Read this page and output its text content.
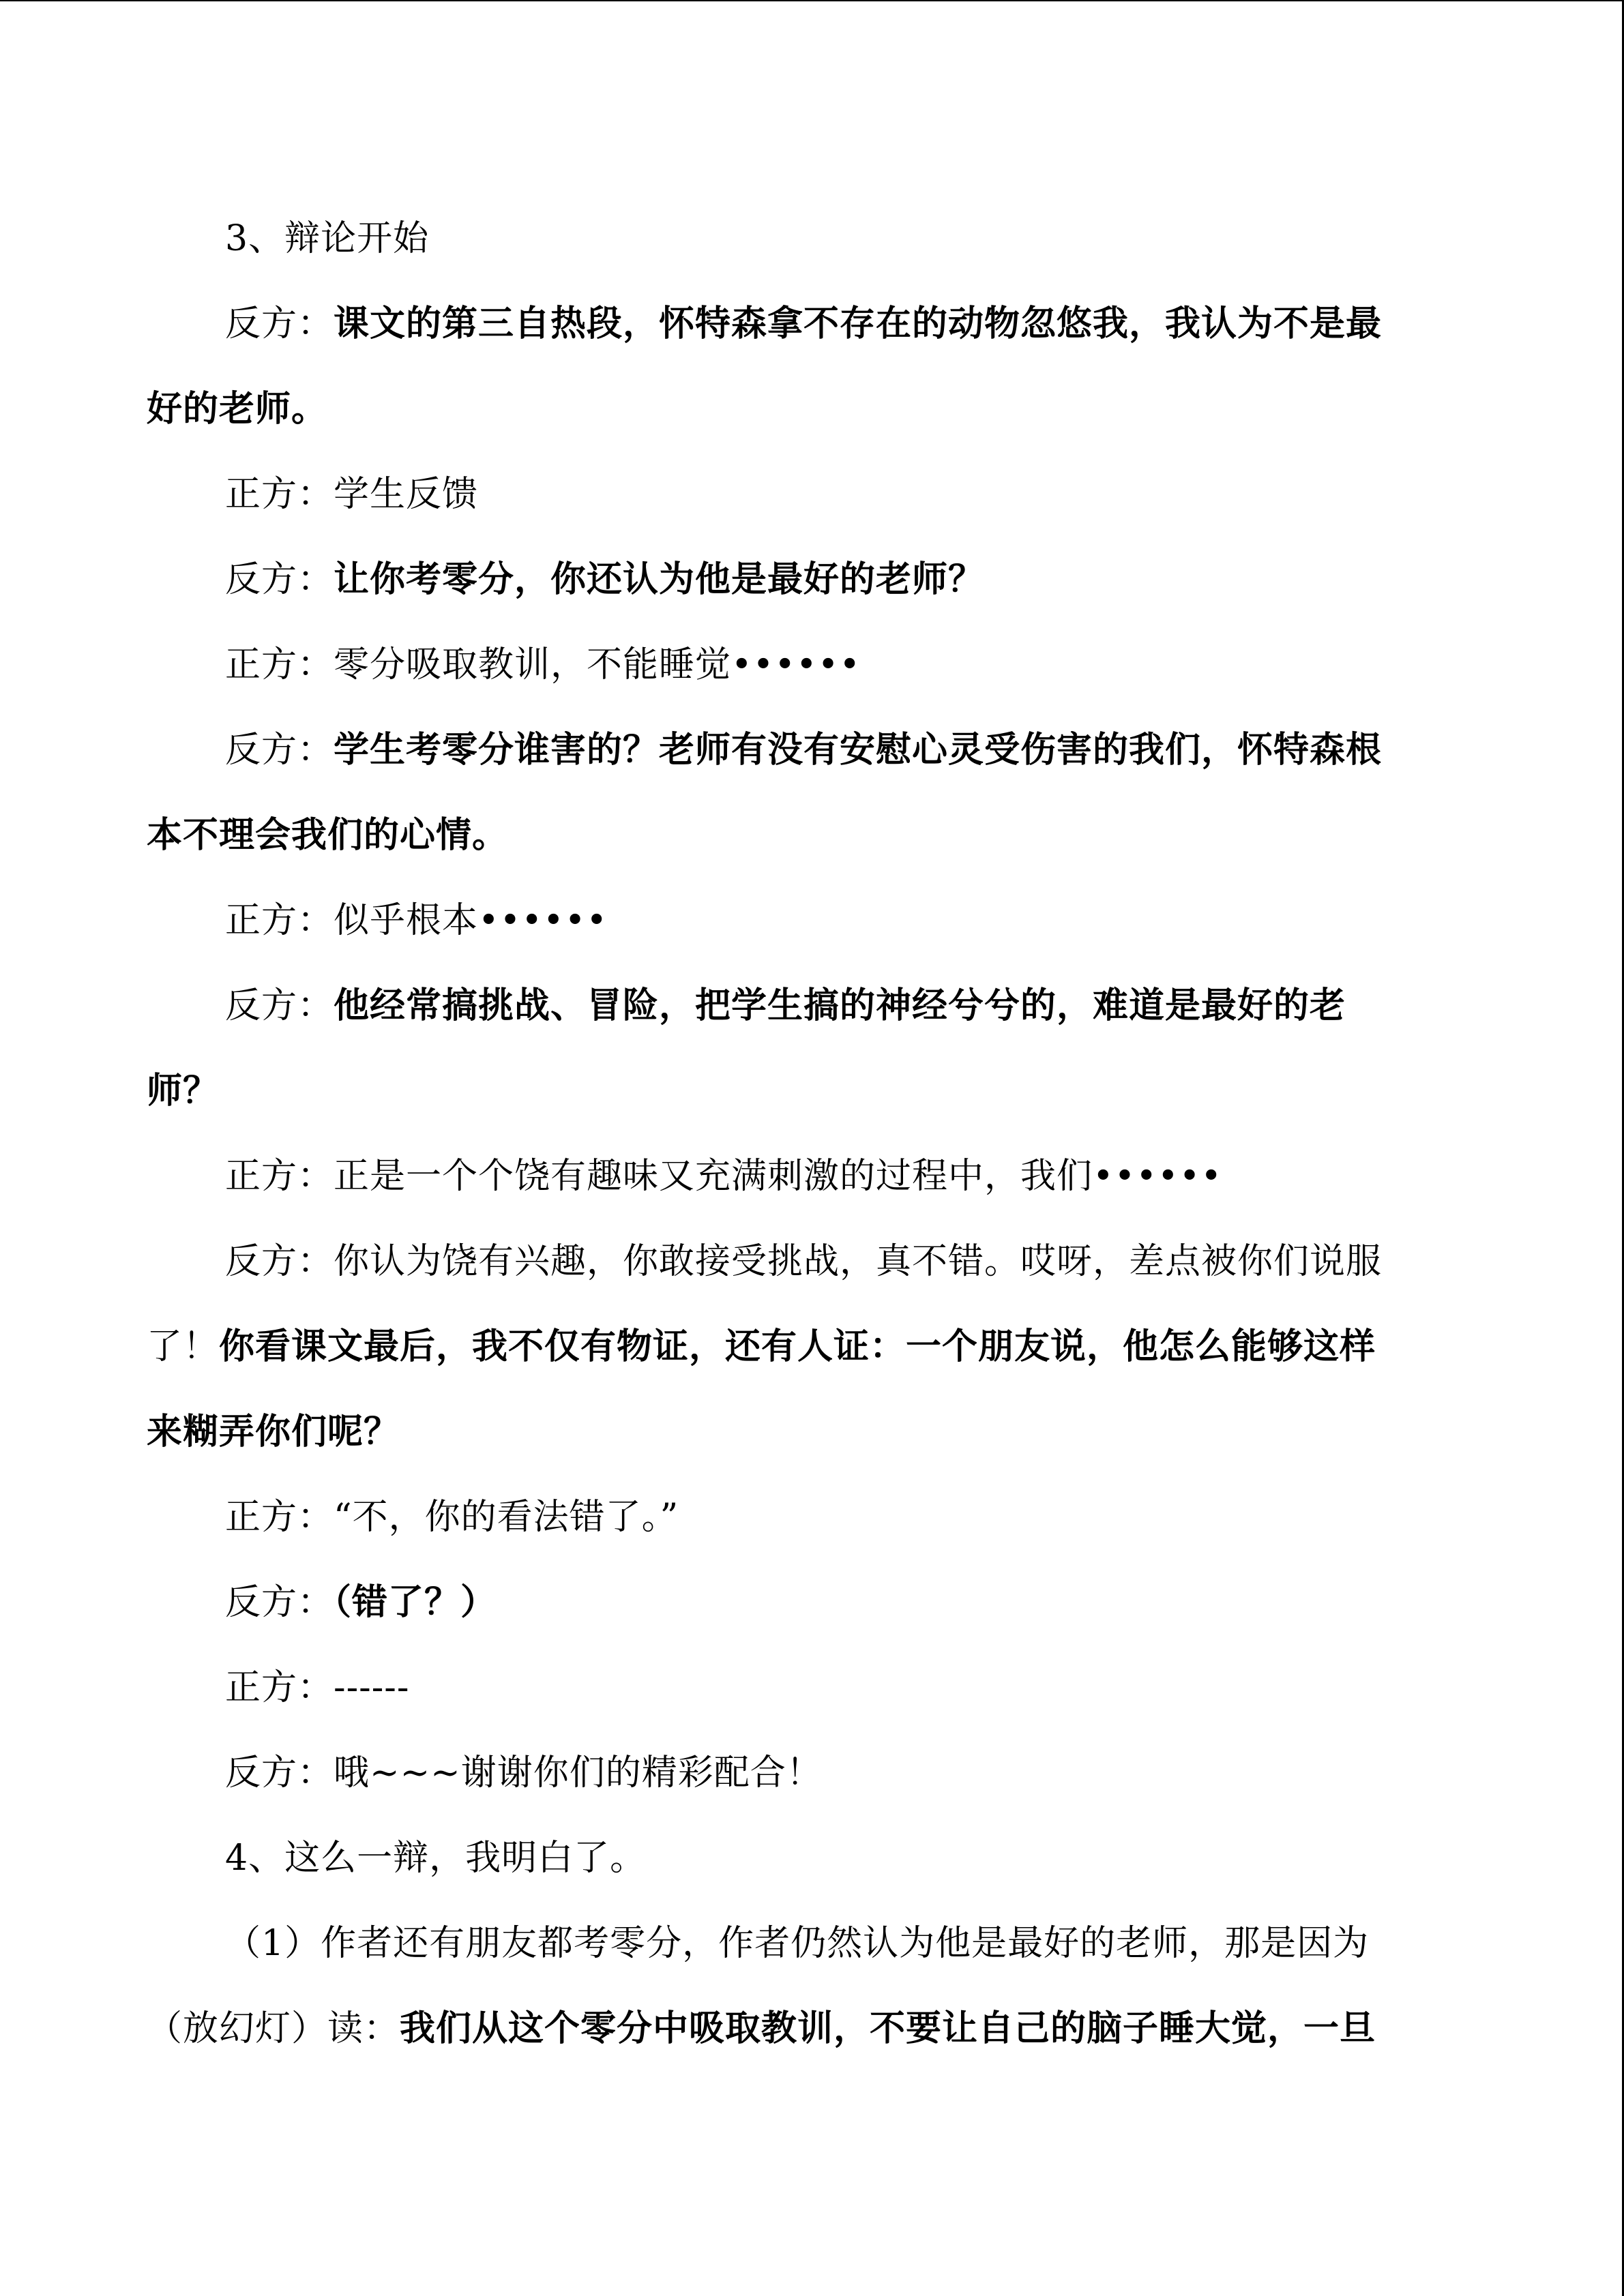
3、辩论开始
反方：课文的第三自热段，怀特森拿不存在的动物忽悠我，我认为不是最
好的老师。
正方：学生反馈
反方：让你考零分，你还认为他是最好的老师？
正方：零分吸取教训，不能睡觉••••••
反方：学生考零分谁害的？老师有没有安慰心灵受伤害的我们，怀特森根
本不理会我们的心情。
正方：似乎根本••••••
反方：他经常搞挑战、冒险，把学生搞的神经兮兮的，难道是最好的老
师？
正方：正是一个个饶有趣味又充满刺激的过程中，我们••••••
反方：你认为饶有兴趣，你敢接受挑战，真不错。哎呀，差点被你们说服
了！你看课文最后，我不仅有物证，还有人证：一个朋友说，他怎么能够这样
来糊弄你们呢？
正方：“不，你的看法错了。”
反方：（错了？）
正方：------
反方：哦~~~谢谢你们的精彩配合！
4、这么一辩，我明白了。
（1）作者还有朋友都考零分，作者仍然认为他是最好的老师，那是因为
（放幻灯）读：我们从这个零分中吸取教训，不要让自己的脑子睡大觉，一旦
